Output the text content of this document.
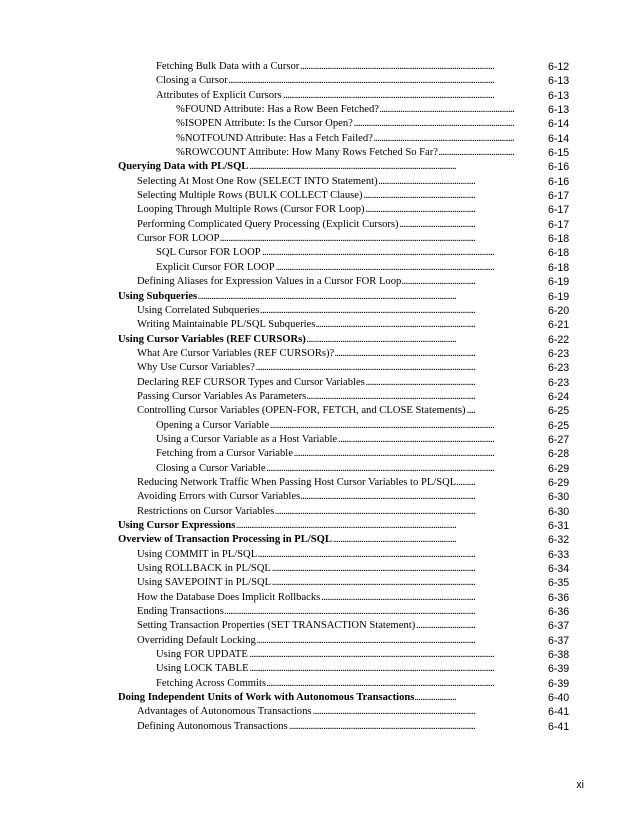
Fetching Bulk Data with a Cursor . . .	6-12
Closing a Cursor . . .	6-13
Attributes of Explicit Cursors . . .	6-13
%FOUND Attribute: Has a Row Been Fetched? . . .	6-13
%ISOPEN Attribute: Is the Cursor Open? . . .	6-14
%NOTFOUND Attribute: Has a Fetch Failed? . . .	6-14
%ROWCOUNT Attribute: How Many Rows Fetched So Far? . . .	6-15
Querying Data with PL/SQL . . .	6-16
Selecting At Most One Row (SELECT INTO Statement) . . .	6-16
Selecting Multiple Rows (BULK COLLECT Clause) . . .	6-17
Looping Through Multiple Rows (Cursor FOR Loop) . . .	6-17
Performing Complicated Query Processing (Explicit Cursors) . . .	6-17
Cursor FOR LOOP . . .	6-18
SQL Cursor FOR LOOP . . .	6-18
Explicit Cursor FOR LOOP . . .	6-18
Defining Aliases for Expression Values in a Cursor FOR Loop . . .	6-19
Using Subqueries . . .	6-19
Using Correlated Subqueries . . .	6-20
Writing Maintainable PL/SQL Subqueries . . .	6-21
Using Cursor Variables (REF CURSORs) . . .	6-22
What Are Cursor Variables (REF CURSORs)? . . .	6-23
Why Use Cursor Variables? . . .	6-23
Declaring REF CURSOR Types and Cursor Variables . . .	6-23
Passing Cursor Variables As Parameters . . .	6-24
Controlling Cursor Variables (OPEN-FOR, FETCH, and CLOSE Statements) . . .	6-25
Opening a Cursor Variable . . .	6-25
Using a Cursor Variable as a Host Variable . . .	6-27
Fetching from a Cursor Variable . . .	6-28
Closing a Cursor Variable . . .	6-29
Reducing Network Traffic When Passing Host Cursor Variables to PL/SQL . . .	6-29
Avoiding Errors with Cursor Variables . . .	6-30
Restrictions on Cursor Variables . . .	6-30
Using Cursor Expressions . . .	6-31
Overview of Transaction Processing in PL/SQL . . .	6-32
Using COMMIT in PL/SQL . . .	6-33
Using ROLLBACK in PL/SQL . . .	6-34
Using SAVEPOINT in PL/SQL . . .	6-35
How the Database Does Implicit Rollbacks . . .	6-36
Ending Transactions . . .	6-36
Setting Transaction Properties (SET TRANSACTION Statement) . . .	6-37
Overriding Default Locking . . .	6-37
Using FOR UPDATE . . .	6-38
Using LOCK TABLE . . .	6-39
Fetching Across Commits . . .	6-39
Doing Independent Units of Work with Autonomous Transactions . . .	6-40
Advantages of Autonomous Transactions . . .	6-41
Defining Autonomous Transactions . . .	6-41
xi
